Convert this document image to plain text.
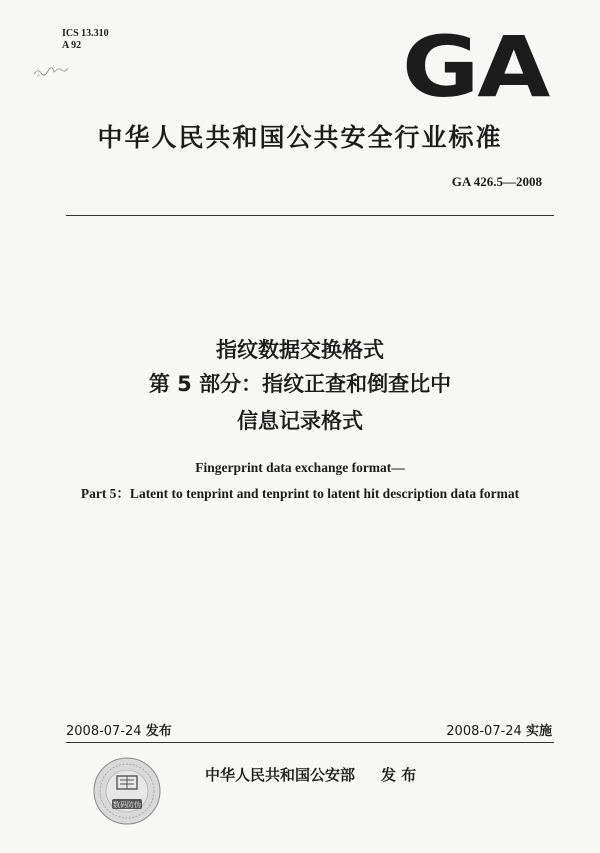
ICS 13.310
A 92	GA
中华人民共和国公共安全行业标准
GA 426.5—2008
指纹数据交换格式
第 5 部分：指纹正查和倒查比中
信息记录格式
Fingerprint data exchange format—
Part 5：Latent to tenprint and tenprint to latent hit description data format
2008-07-24 发布	2008-07-24 实施
数码防伪
中华人民共和国公安部 发 布
